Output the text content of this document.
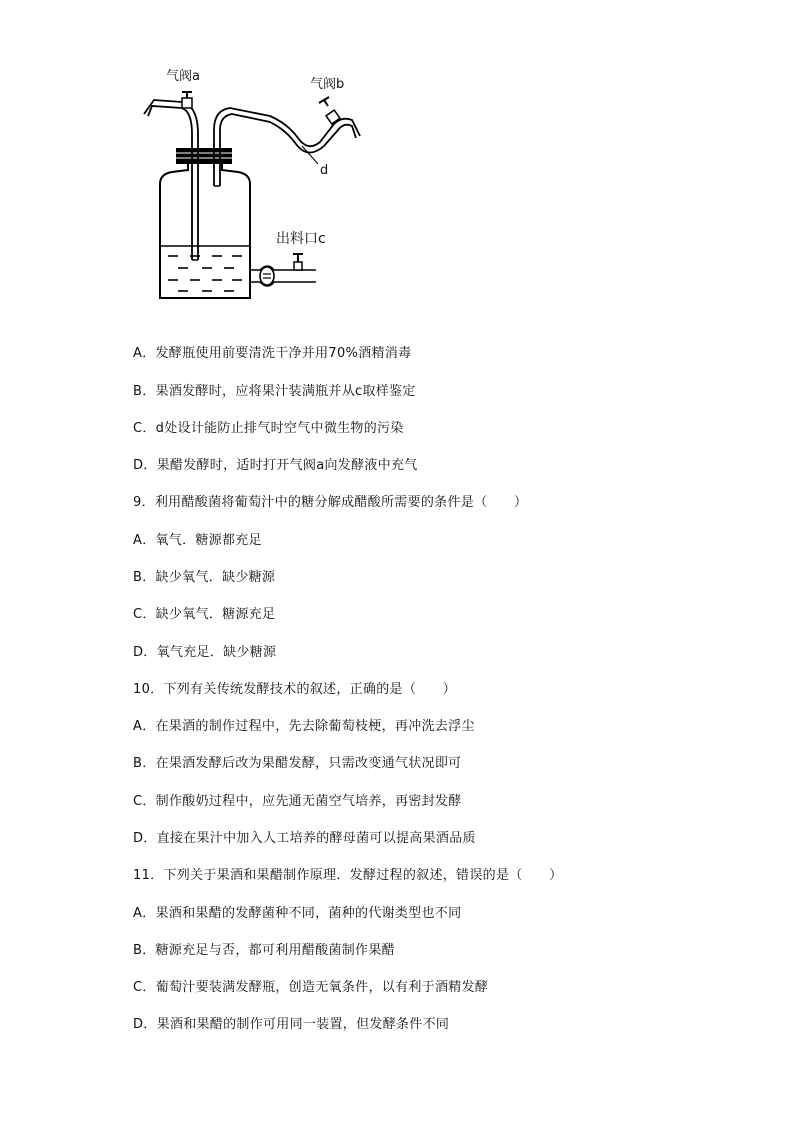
气阀a
气阀b
d
出料口c
A．发酵瓶使用前要清洗干净并用70%酒精消毒
B．果酒发酵时，应将果汁装满瓶并从c取样鉴定
C．d处设计能防止排气时空气中微生物的污染
D．果醋发酵时，适时打开气阀a向发酵液中充气
9．利用醋酸菌将葡萄汁中的糖分解成醋酸所需要的条件是（　　）
A．氧气．糖源都充足
B．缺少氧气．缺少糖源
C．缺少氧气．糖源充足
D．氧气充足．缺少糖源
10．下列有关传统发酵技术的叙述，正确的是（　　）
A．在果酒的制作过程中，先去除葡萄枝梗，再冲洗去浮尘
B．在果酒发酵后改为果醋发酵，只需改变通气状况即可
C．制作酸奶过程中，应先通无菌空气培养，再密封发酵
D．直接在果汁中加入人工培养的酵母菌可以提高果酒品质
11．下列关于果酒和果醋制作原理．发酵过程的叙述，错误的是（　　）
A．果酒和果醋的发酵菌种不同，菌种的代谢类型也不同
B．糖源充足与否，都可利用醋酸菌制作果醋
C．葡萄汁要装满发酵瓶，创造无氧条件，以有利于酒精发酵
D．果酒和果醋的制作可用同一装置，但发酵条件不同
